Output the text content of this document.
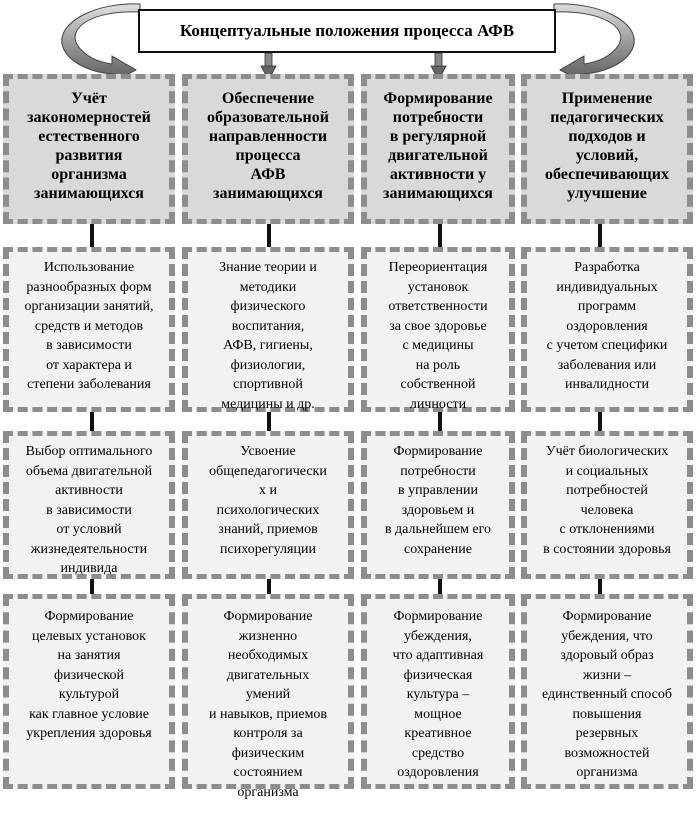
Концептуальные положения процесса АФВ
Учёт
закономерностей
естественного
развития
организма
занимающихся
Использование
разнообразных форм
организации занятий,
средств и методов
в зависимости
от характера и
степени заболевания
Выбор оптимального
объема двигательной
активности
в зависимости
от условий
жизнедеятельности
индивида
Формирование
целевых установок
на занятия
физической
культурой
как главное условие
укрепления здоровья
Обеспечение
образовательной
направленности
процесса
АФВ
занимающихся
Знание теории и
методики
физического
воспитания,
АФВ, гигиены,
физиологии,
спортивной
медицины и др.
Усвоение
общепедагогически
х и
психологических
знаний, приемов
психорегуляции
Формирование
жизненно
необходимых
двигательных
умений
и навыков, приемов
контроля за
физическим
состоянием
организма
Формирование
потребности
в регулярной
двигательной
активности у
занимающихся
Переориентация
установок
ответственности
за свое здоровье
с медицины
на роль
собственной
личности
Формирование
потребности
в управлении
здоровьем и
в дальнейшем его
сохранение
Формирование
убеждения,
что адаптивная
физическая
культура –
мощное
креативное
средство
оздоровления
Применение
педагогических
подходов и
условий,
обеспечивающих
улучшение
Разработка
индивидуальных
программ
оздоровления
с учетом специфики
заболевания или
инвалидности
Учёт биологических
и социальных
потребностей
человека
с отклонениями
в состоянии здоровья
Формирование
убеждения, что
здоровый образ
жизни –
единственный способ
повышения
резервных
возможностей
организма
